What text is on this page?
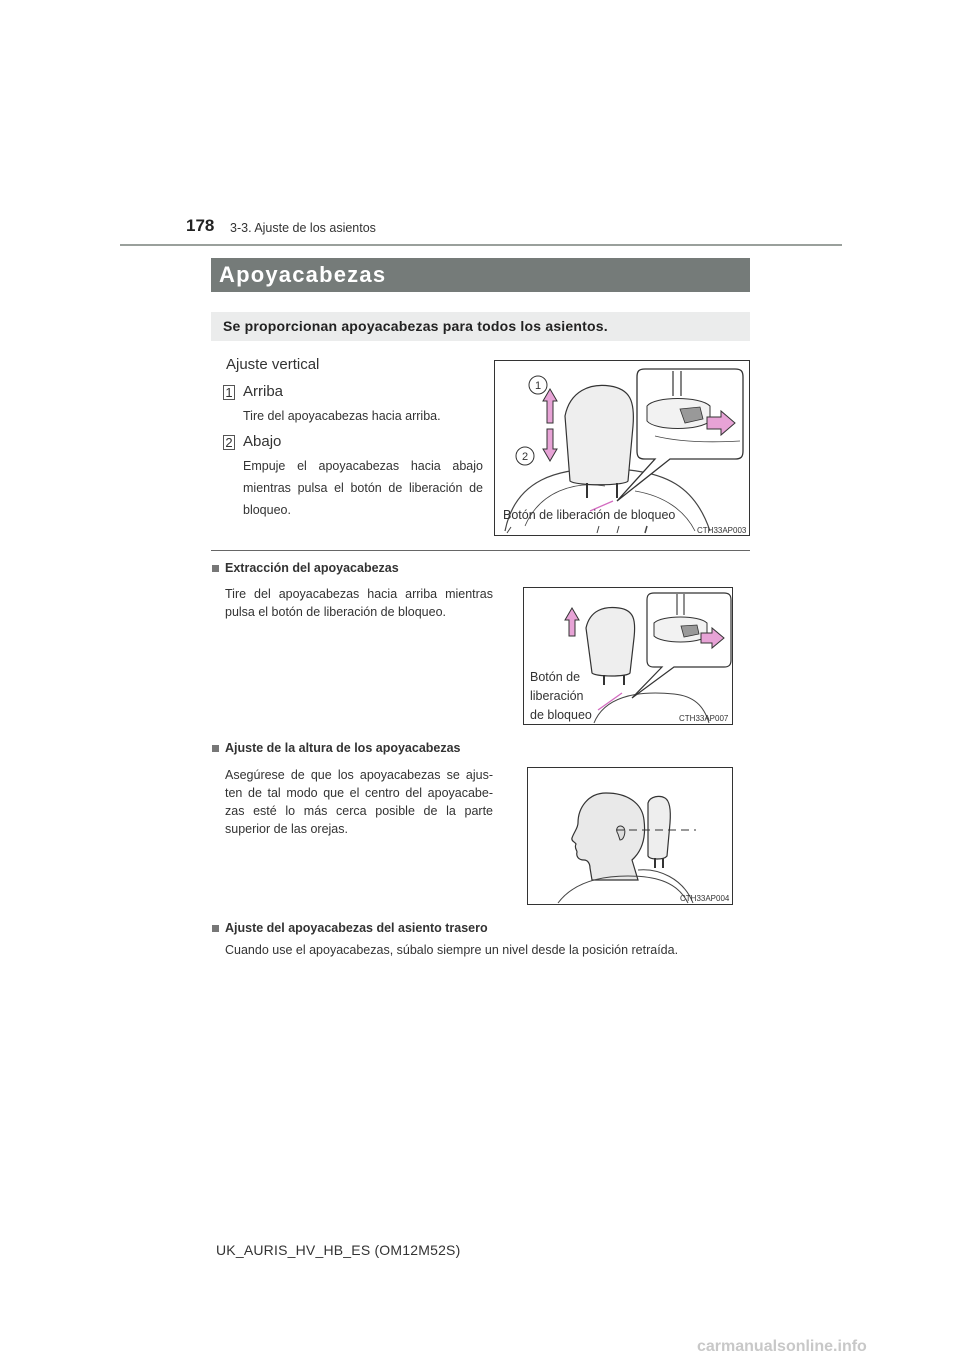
178 3-3. Ajuste de los asientos
Apoyacabezas
Se proporcionan apoyacabezas para todos los asientos.
Ajuste vertical
1 Arriba
Tire del apoyacabezas hacia arriba.
2 Abajo
Empuje el apoyacabezas hacia abajo mientras pulsa el botón de liberación de bloqueo.
1
2
Botón de liberación de bloqueo
CTH33AP003
Extracción del apoyacabezas
Tire del apoyacabezas hacia arriba mientras pulsa el botón de liberación de bloqueo.
Botón de
liberación
de bloqueo	CTH33AP007
Ajuste de la altura de los apoyacabezas
Asegúrese de que los apoyacabezas se ajus-ten de tal modo que el centro del apoyacabe-zas esté lo más cerca posible de la parte superior de las orejas.
CTH33AP004
Ajuste del apoyacabezas del asiento trasero
Cuando use el apoyacabezas, súbalo siempre un nivel desde la posición retraída.
UK_AURIS_HV_HB_ES (OM12M52S)
carmanualsonline.info
